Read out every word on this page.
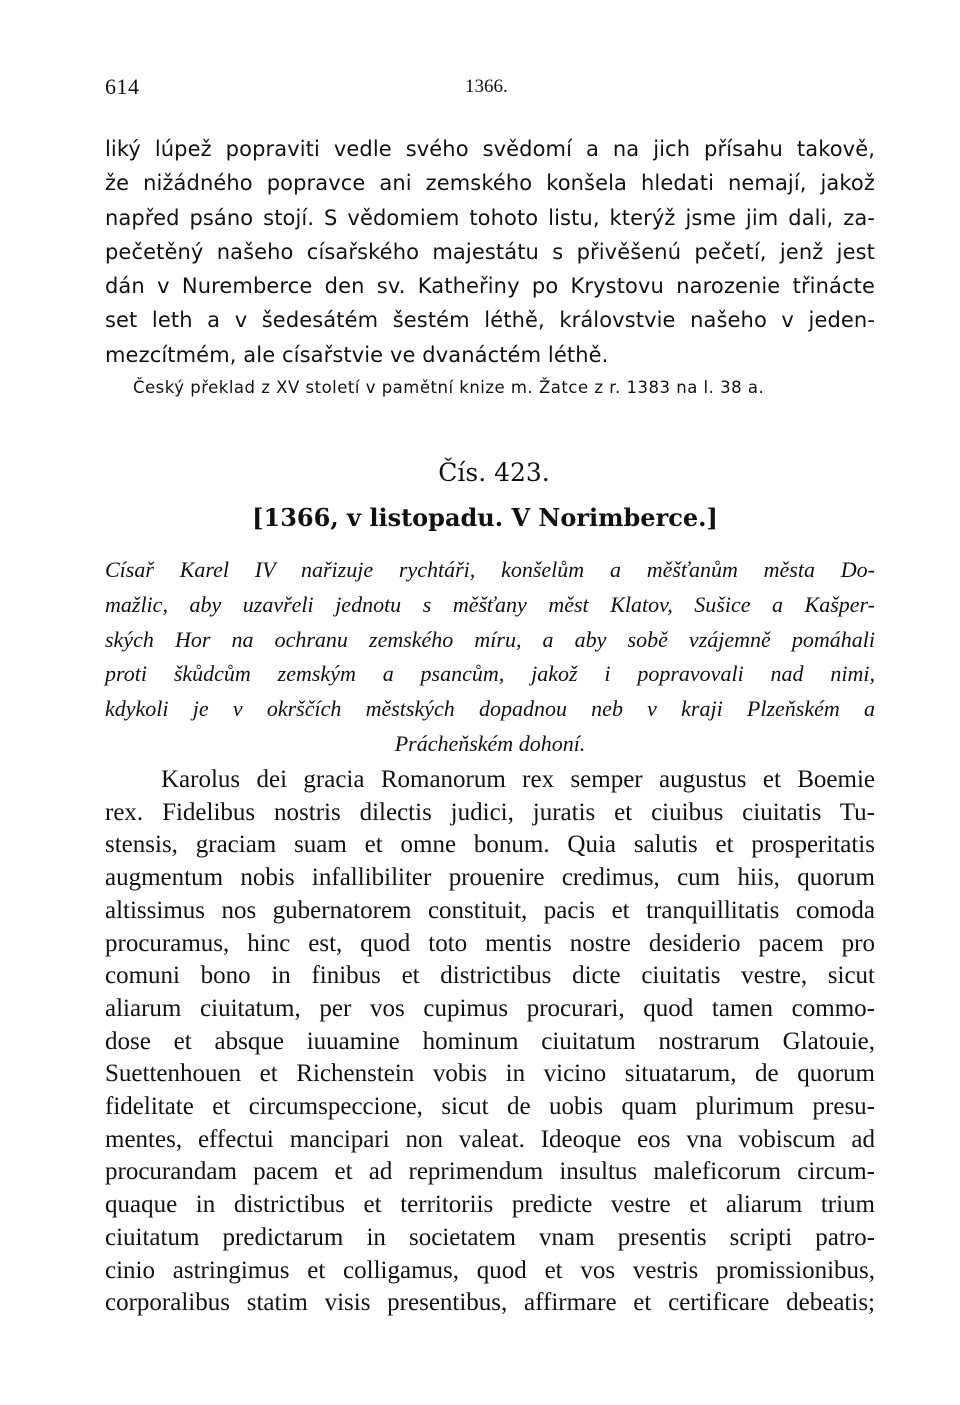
614	1366.
liký lúpež popraviti vedle svého svědomí a na jich přísahu takově,
že nižádného popravce ani zemského konšela hledati nemají, jakož
napřed psáno stojí. S vědomiem tohoto listu, kterýž jsme jim dali, za-
pečetěný našeho císařského majestátu s přivěšenú pečetí, jenž jest
dán v Nuremberce den sv. Katheřiny po Krystovu narozenie třinácte
set leth a v šedesátém šestém léthě, královstvie našeho v jeden-
mezcítmém, ale císařstvie ve dvanáctém léthě.
Český překlad z XV století v pamětní knize m. Žatce z r. 1383 na l. 38 a.
Čís. 423.
[1366, v listopadu. V Norimberce.]
Císař Karel IV nařizuje rychtáři, konšelům a měšťanům města Do-
mažlic, aby uzavřeli jednotu s měšťany měst Klatov, Sušice a Kašper-
ských Hor na ochranu zemského míru, a aby sobě vzájemně pomáhali
proti škůdcům zemským a psancům, jakož i popravovali nad nimi,
kdykoli je v okrščích městských dopadnou neb v kraji Plzeňském a
Prácheňském dohoní.
Karolus dei gracia Romanorum rex semper augustus et Boemie
rex. Fidelibus nostris dilectis judici, juratis et ciuibus ciuitatis Tu-
stensis, graciam suam et omne bonum. Quia salutis et prosperitatis
augmentum nobis infallibiliter prouenire credimus, cum hiis, quorum
altissimus nos gubernatorem constituit, pacis et tranquillitatis comoda
procuramus, hinc est, quod toto mentis nostre desiderio pacem pro
comuni bono in finibus et districtibus dicte ciuitatis vestre, sicut
aliarum ciuitatum, per vos cupimus procurari, quod tamen commo-
dose et absque iuuamine hominum ciuitatum nostrarum Glatouie,
Suettenhouen et Richenstein vobis in vicino situatarum, de quorum
fidelitate et circumspeccione, sicut de uobis quam plurimum presu-
mentes, effectui mancipari non valeat. Ideoque eos vna vobiscum ad
procurandam pacem et ad reprimendum insultus maleficorum circum-
quaque in districtibus et territoriis predicte vestre et aliarum trium
ciuitatum predictarum in societatem vnam presentis scripti patro-
cinio astringimus et colligamus, quod et vos vestris promissionibus,
corporalibus statim visis presentibus, affirmare et certificare debeatis;
